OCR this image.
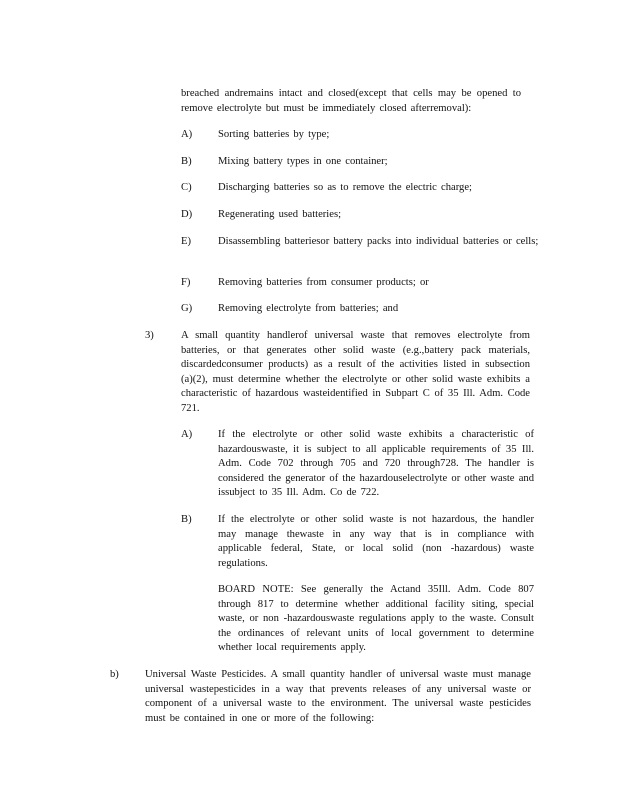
breached andremains intact and closed(except that cells may be opened to remove electrolyte but must be immediately closed afterremoval):
A) Sorting batteries by type;
B) Mixing battery types in one container;
C) Discharging batteries so as to remove the electric charge;
D) Regenerating used batteries;
E)	Disassembling batteriesor battery packs into individual batteries or cells;
F)	Removing batteries from consumer products; or
G) Removing electrolyte from batteries; and
3)	A small quantity handlerof universal waste that removes electrolyte from batteries, or that generates other solid waste (e.g.,battery pack materials, discardedconsumer products) as a result of the activities listed in subsection (a)(2), must determine whether the electrolyte or other solid waste exhibits a characteristic of hazardous wasteidentified in Subpart C of 35 Ill. Adm. Code 721.
A) If the electrolyte or other solid waste exhibits a characteristic of hazardouswaste, it is subject to all applicable requirements of 35 Ill. Adm. Code 702 through 705 and 720 through728. The handler is considered the generator of the hazardouselectrolyte or other waste and issubject to 35 Ill. Adm. Co de 722.
B) If the electrolyte or other solid waste is not hazardous, the handler may manage thewaste in any way that is in compliance with applicable federal, State, or local solid (non -hazardous) waste regulations.
BOARD NOTE: See generally the Actand 35Ill. Adm. Code 807 through 817 to determine whether additional facility siting, special waste, or non -hazardouswaste regulations apply to the waste. Consult the ordinances of relevant units of local government to determine whether local requirements apply.
b) Universal Waste Pesticides. A small quantity handler of universal waste must manage universal wastepesticides in a way that prevents releases of any universal waste or component of a universal waste to the environment. The universal waste pesticides must be contained in one or more of the following:
